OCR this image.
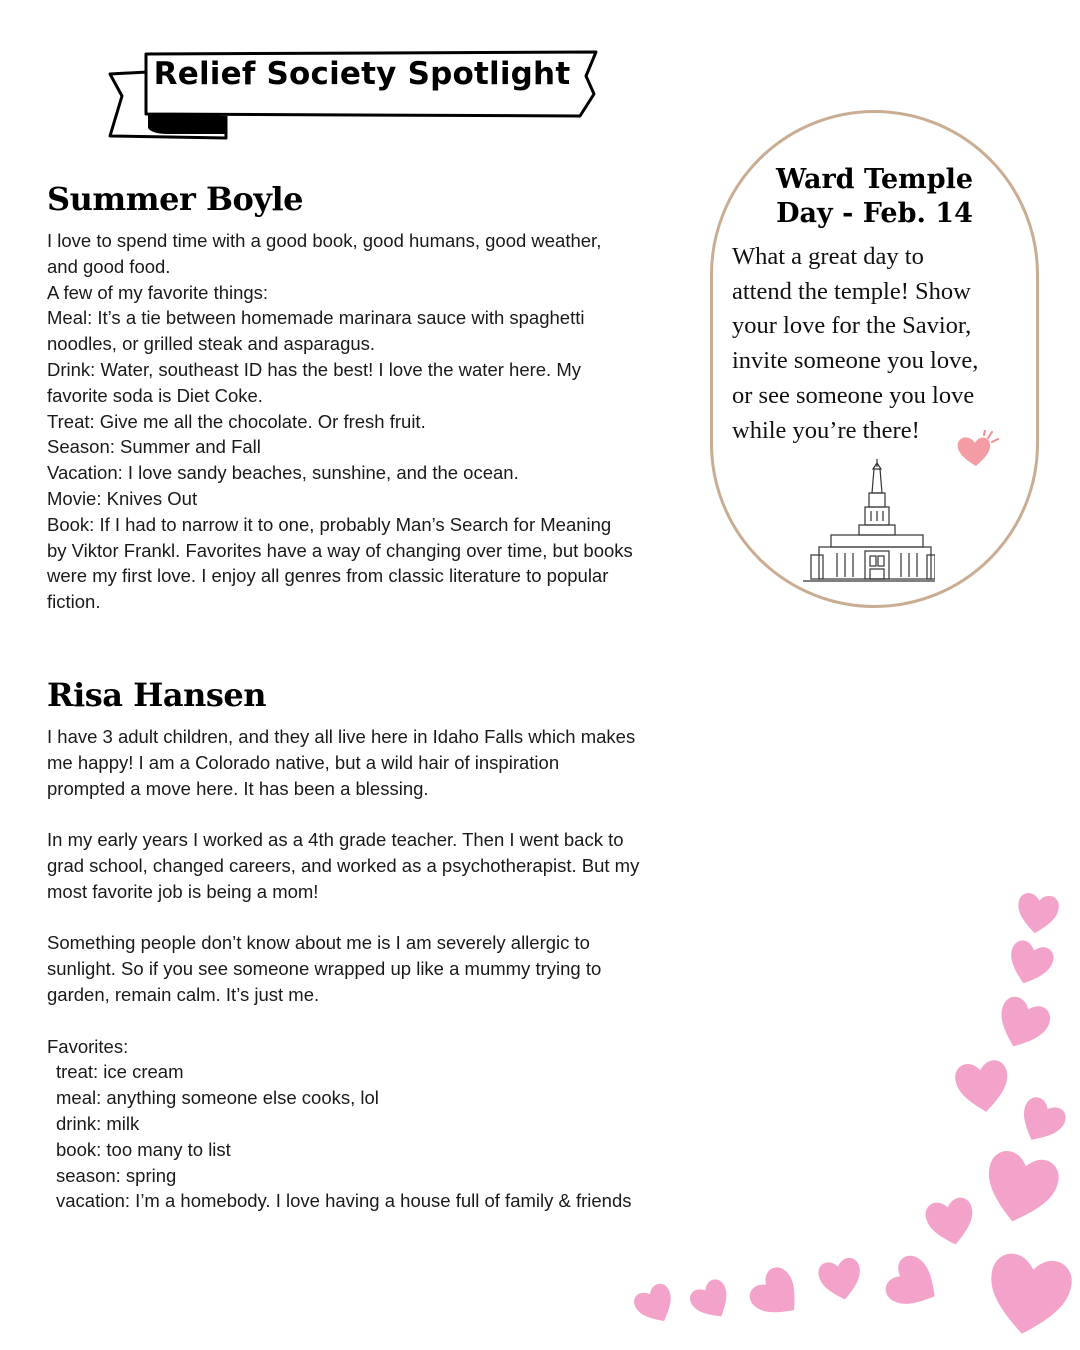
Relief Society Spotlight
Summer Boyle

I love to spend time with a good book, good humans, good weather,
and good food.
A few of my favorite things:
Meal: It’s a tie between homemade marinara sauce with spaghetti
noodles, or grilled steak and asparagus.
Drink: Water, southeast ID has the best! I love the water here. My
favorite soda is Diet Coke.
Treat: Give me all the chocolate. Or fresh fruit.
Season: Summer and Fall
Vacation: I love sandy beaches, sunshine, and the ocean.
Movie: Knives Out
Book: If I had to narrow it to one, probably Man’s Search for Meaning
by Viktor Frankl. Favorites have a way of changing over time, but books
were my first love. I enjoy all genres from classic literature to popular
fiction.

Risa Hansen

I have 3 adult children, and they all live here in Idaho Falls which makes
me happy! I am a Colorado native, but a wild hair of inspiration
prompted a move here. It has been a blessing.

In my early years I worked as a 4th grade teacher. Then I went back to
grad school, changed careers, and worked as a psychotherapist. But my
most favorite job is being a mom!

Something people don’t know about me is I am severely allergic to
sunlight. So if you see someone wrapped up like a mummy trying to
garden, remain calm. It’s just me.

Favorites:
treat: ice cream
meal: anything someone else cooks, lol
drink: milk
book: too many to list
season: spring
vacation: I’m a homebody. I love having a house full of family & friends

Ward Temple
Day - Feb. 14
What a great day to
attend the temple! Show
your love for the Savior,
invite someone you love,
or see someone you love
while you’re there!
